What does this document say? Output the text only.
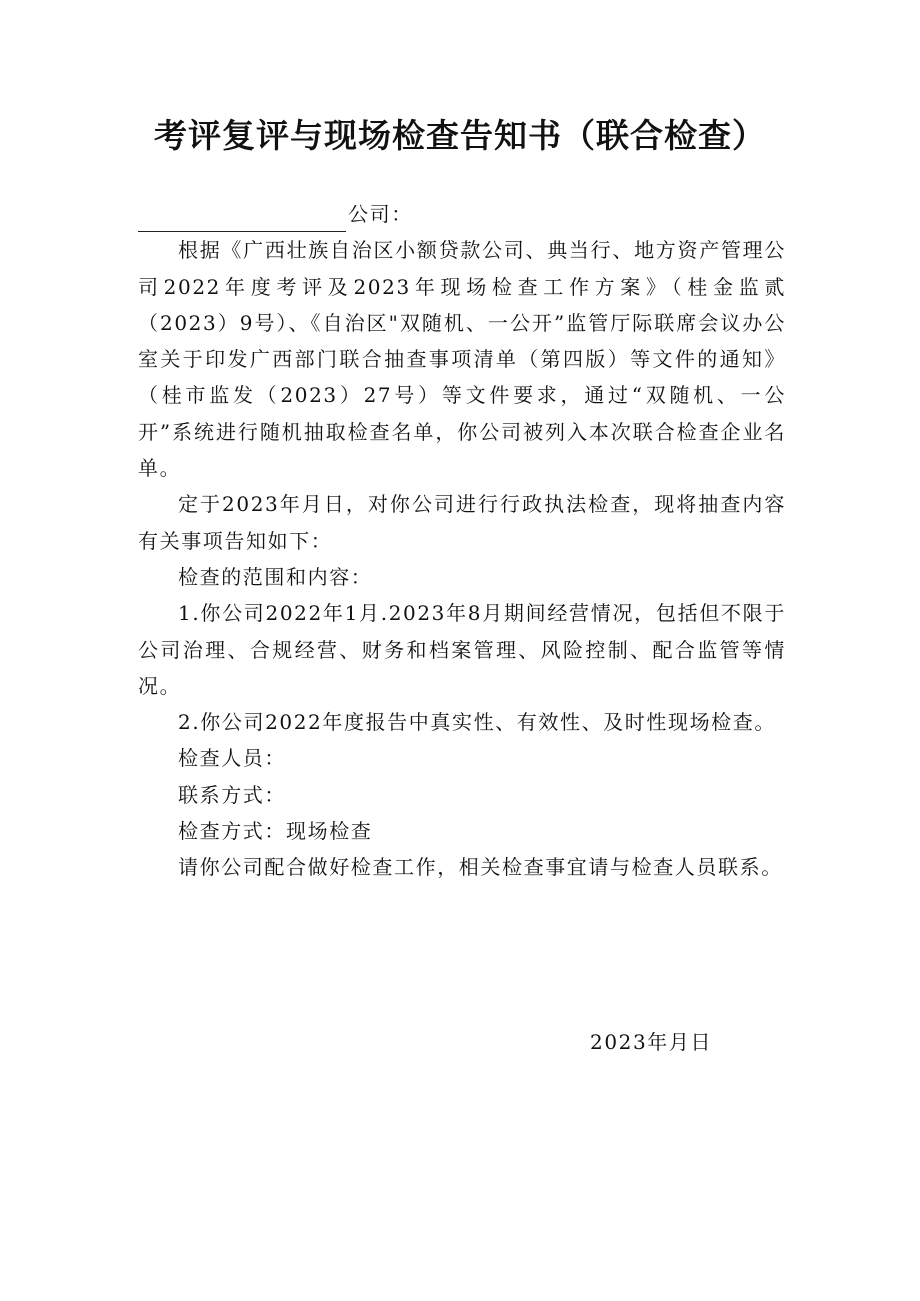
考评复评与现场检查告知书（联合检查）

公司：

根据《广西壮族自治区小额贷款公司、典当行、地方资产管理公司2022年度考评及2023年现场检查工作方案》（桂金监贰（2023）9号）、《自治区"双随机、一公开”监管厅际联席会议办公室关于印发广西部门联合抽查事项清单（第四版）等文件的通知》（桂市监发（2023）27号）等文件要求，通过“双随机、一公开”系统进行随机抽取检查名单，你公司被列入本次联合检查企业名单。

定于2023年月日，对你公司进行行政执法检查，现将抽查内容有关事项告知如下：

检查的范围和内容：

1.你公司2022年1月.2023年8月期间经营情况，包括但不限于公司治理、合规经营、财务和档案管理、风险控制、配合监管等情况。

2.你公司2022年度报告中真实性、有效性、及时性现场检查。

检查人员：

联系方式：

检查方式：现场检查

请你公司配合做好检查工作，相关检查事宜请与检查人员联系。

2023年月日
